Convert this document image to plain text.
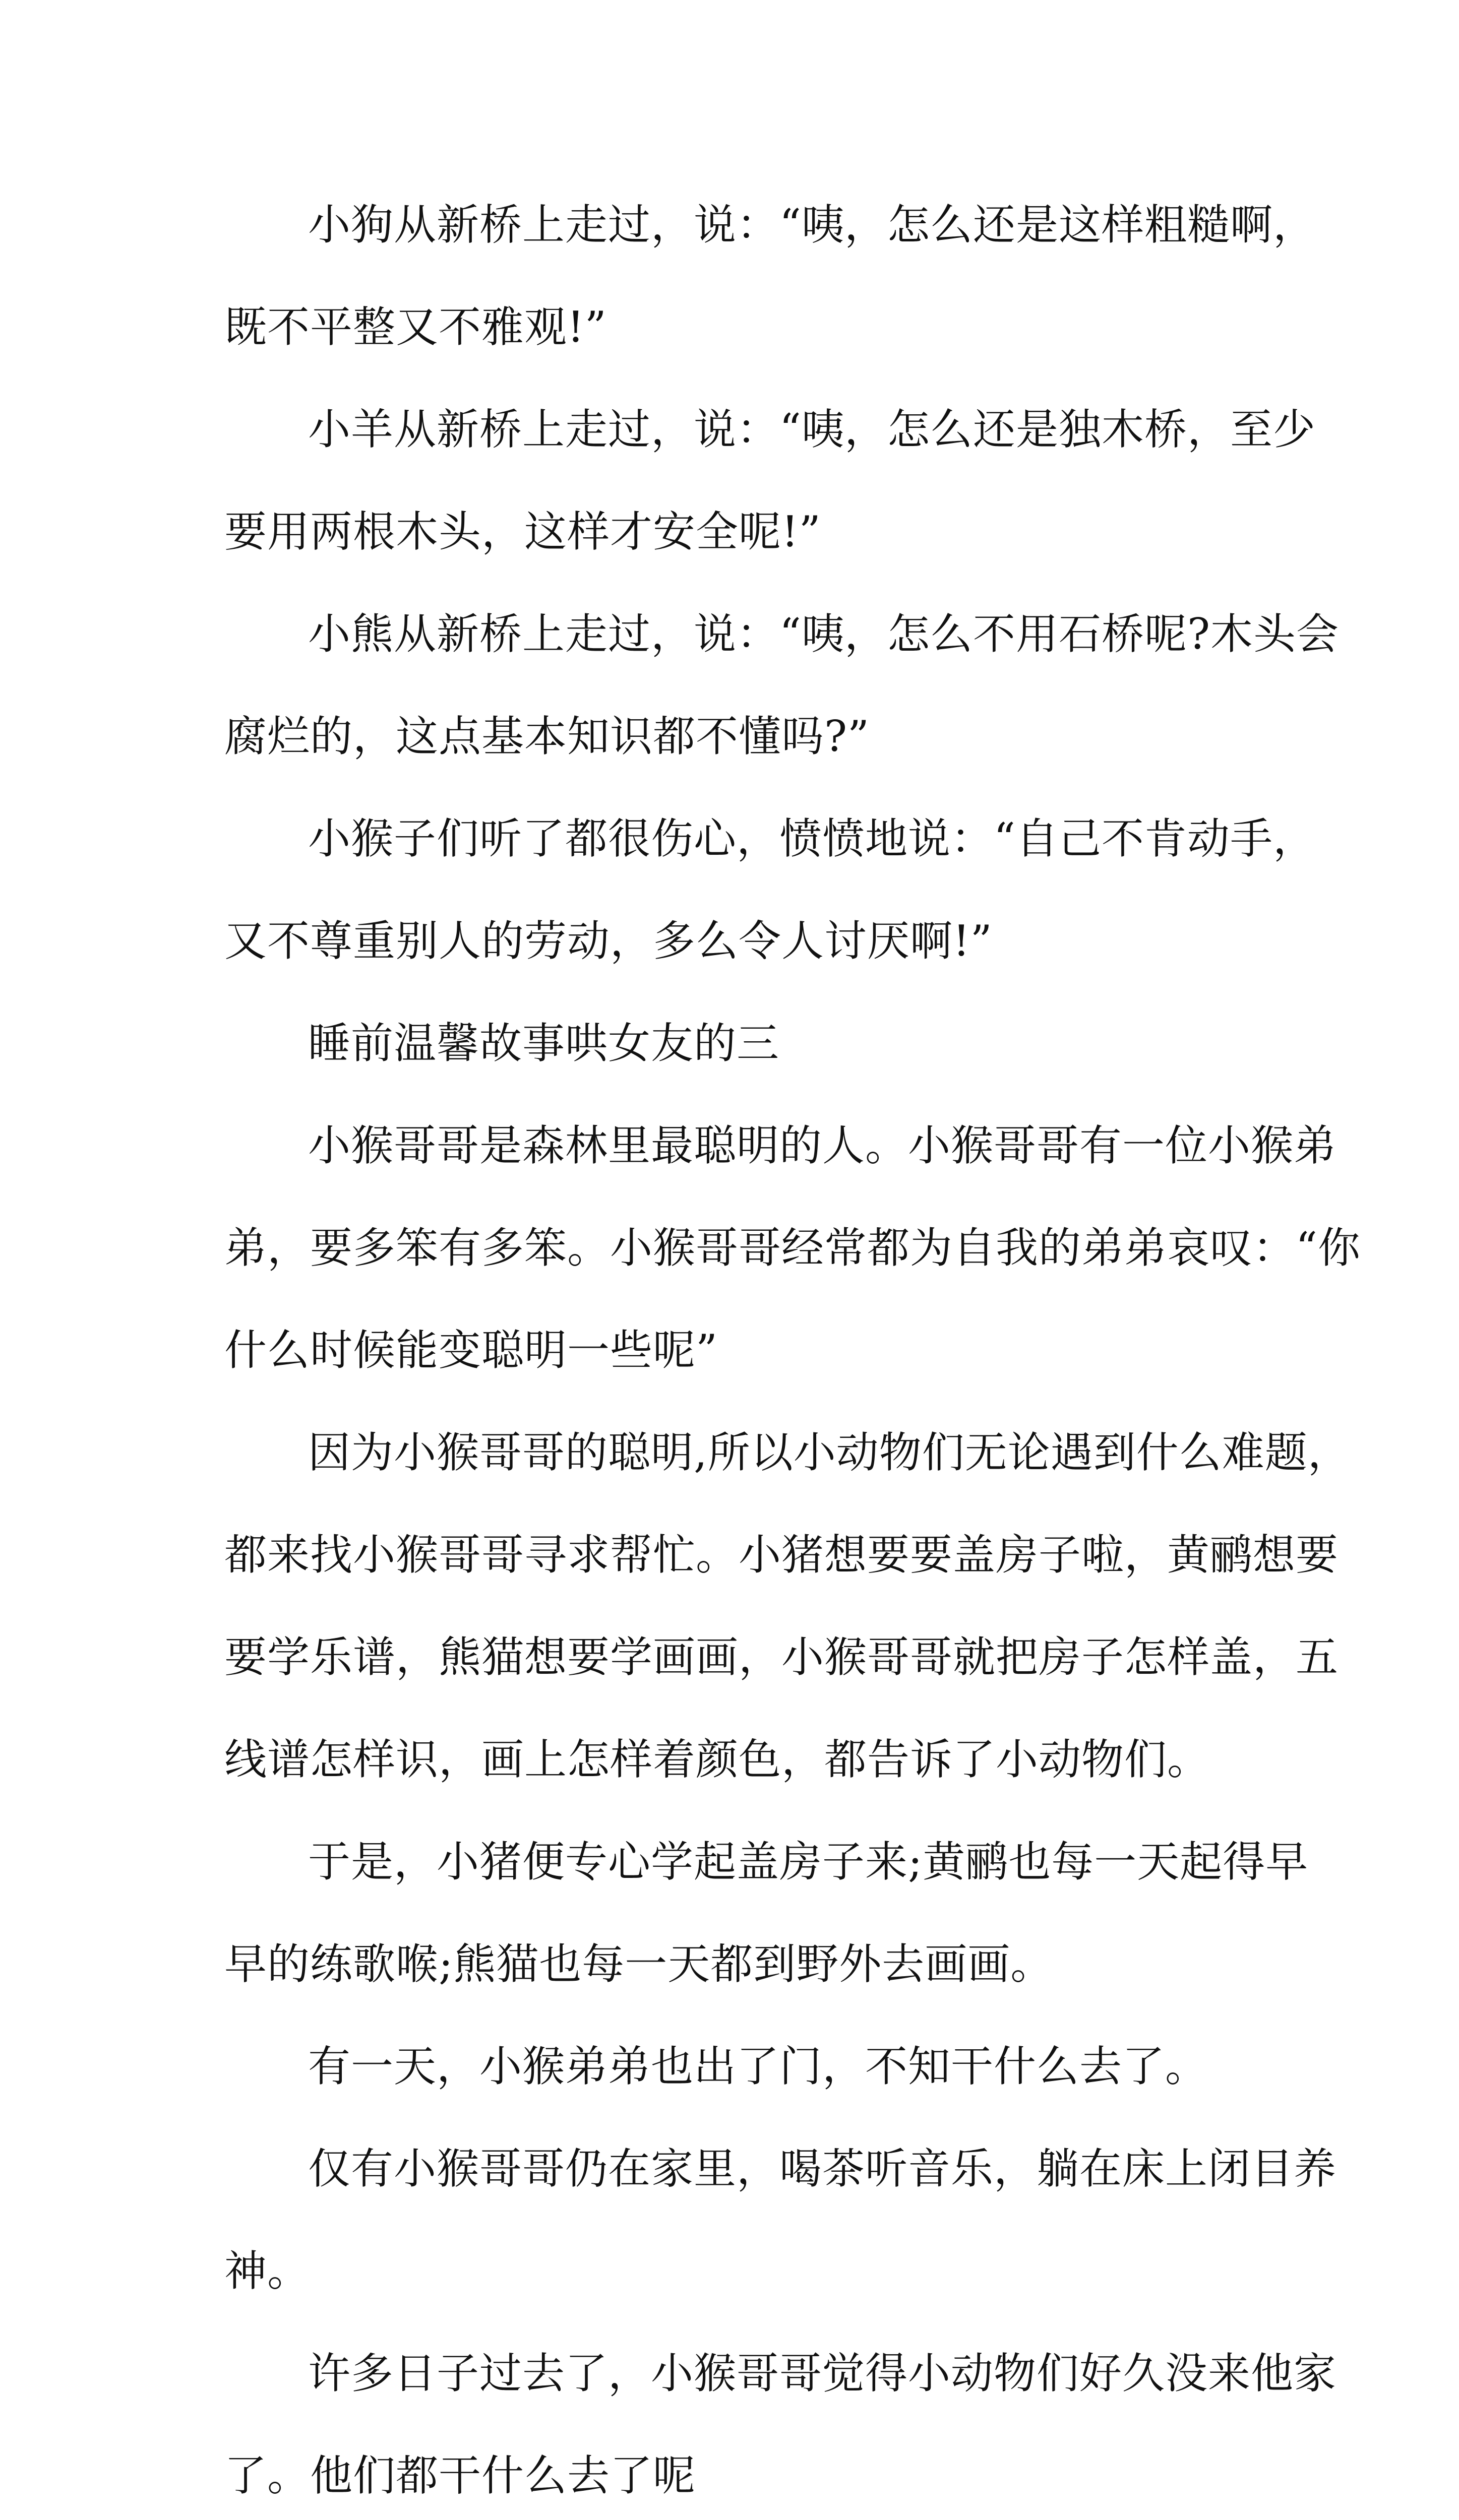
小狗从新桥上走过，说：“咦，怎么还是这样粗糙啊，
既不平整又不雅观!”
小羊从新桥上走过，说：“咦，怎么还是独木桥，至少
要用两根木头，这样才安全呢!”
小熊从新桥上走过，说：“咦，怎么不用石桥呢?木头会
腐烂的，这点基本知识都不懂吗?”
小猴子们听了都很伤心，愤愤地说：“自己不肯动手，
又不尊重别人的劳动，多么令人讨厌啊!”
睡前温馨故事哄女友的三
小猴哥哥是森林里最聪明的人。小猴哥哥有一位小猴弟
弟，要多笨有多笨。小猴哥哥经常都为自我的弟弟哀叹：“你
什么时候能变聪明一些呢”
因为小猴哥哥的聪明,所以小动物们无论遇到什么难题，
都来找小猴哥哥寻求帮忙。小猪想要要盖房子啦，黄鹂想要
要学乐谱，熊猫想要学画画，小猴哥哥就把房子怎样盖，五
线谱怎样识，画上怎样着颜色，都告诉了小动物们。
于是，小猪便专心学起盖房子来;黄鹂也每一天起得早
早的练歌喉;熊猫也每一天都到野外去画画。
有一天，小猴弟弟也出了门，不知干什么去了。
仅有小猴哥哥仍在家里，喝茶听音乐，躺在床上闭目养
神。
许多日子过去了，小猴哥哥觉得小动物们好久没来他家
了。他们都干什么去了呢
